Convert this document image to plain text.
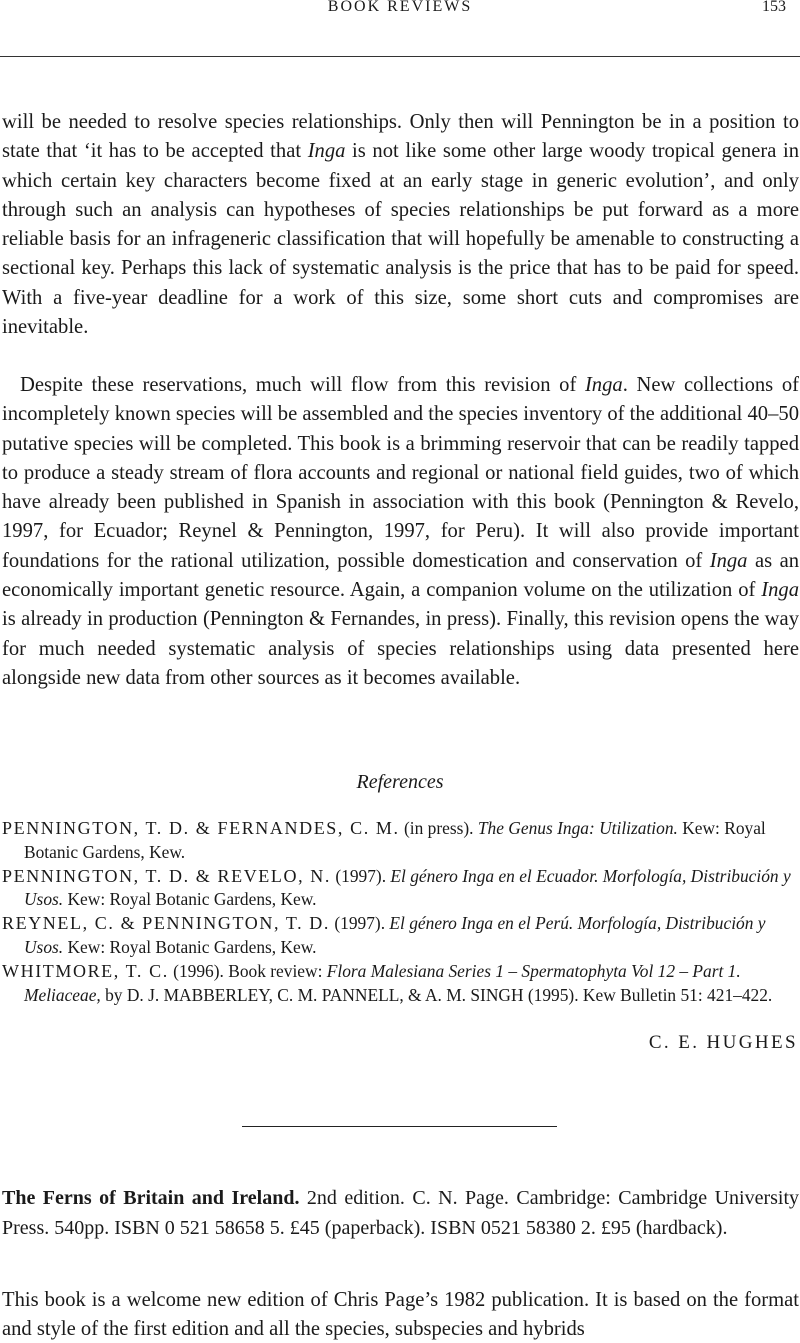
BOOK REVIEWS	153

will be needed to resolve species relationships. Only then will Pennington be in a position to state that ‘it has to be accepted that Inga is not like some other large woody tropical genera in which certain key characters become fixed at an early stage in generic evolution’, and only through such an analysis can hypotheses of species relationships be put forward as a more reliable basis for an infrageneric classification that will hopefully be amenable to constructing a sectional key. Perhaps this lack of systematic analysis is the price that has to be paid for speed. With a five-year deadline for a work of this size, some short cuts and compromises are inevitable.

Despite these reservations, much will flow from this revision of Inga. New collections of incompletely known species will be assembled and the species inventory of the additional 40–50 putative species will be completed. This book is a brimming reservoir that can be readily tapped to produce a steady stream of flora accounts and regional or national field guides, two of which have already been published in Spanish in association with this book (Pennington & Revelo, 1997, for Ecuador; Reynel & Pennington, 1997, for Peru). It will also provide important foundations for the rational utilization, possible domestication and conservation of Inga as an economically important genetic resource. Again, a companion volume on the utilization of Inga is already in production (Pennington & Fernandes, in press). Finally, this revision opens the way for much needed systematic analysis of species relationships using data presented here alongside new data from other sources as it becomes available.

References

PENNINGTON, T. D. & FERNANDES, C. M. (in press). The Genus Inga: Utilization. Kew: Royal Botanic Gardens, Kew.

PENNINGTON, T. D. & REVELO, N. (1997). El género Inga en el Ecuador. Morfología, Distribución y Usos. Kew: Royal Botanic Gardens, Kew.

REYNEL, C. & PENNINGTON, T. D. (1997). El género Inga en el Perú. Morfología, Distribución y Usos. Kew: Royal Botanic Gardens, Kew.

WHITMORE, T. C. (1996). Book review: Flora Malesiana Series 1 – Spermatophyta Vol 12 – Part 1. Meliaceae, by D. J. MABBERLEY, C. M. PANNELL, & A. M. SINGH (1995). Kew Bulletin 51: 421–422.

C. E. HUGHES

The Ferns of Britain and Ireland. 2nd edition. C. N. Page. Cambridge: Cambridge University Press. 540pp. ISBN 0 521 58658 5. £45 (paperback). ISBN 0521 58380 2. £95 (hardback).

This book is a welcome new edition of Chris Page’s 1982 publication. It is based on the format and style of the first edition and all the species, subspecies and hybrids
